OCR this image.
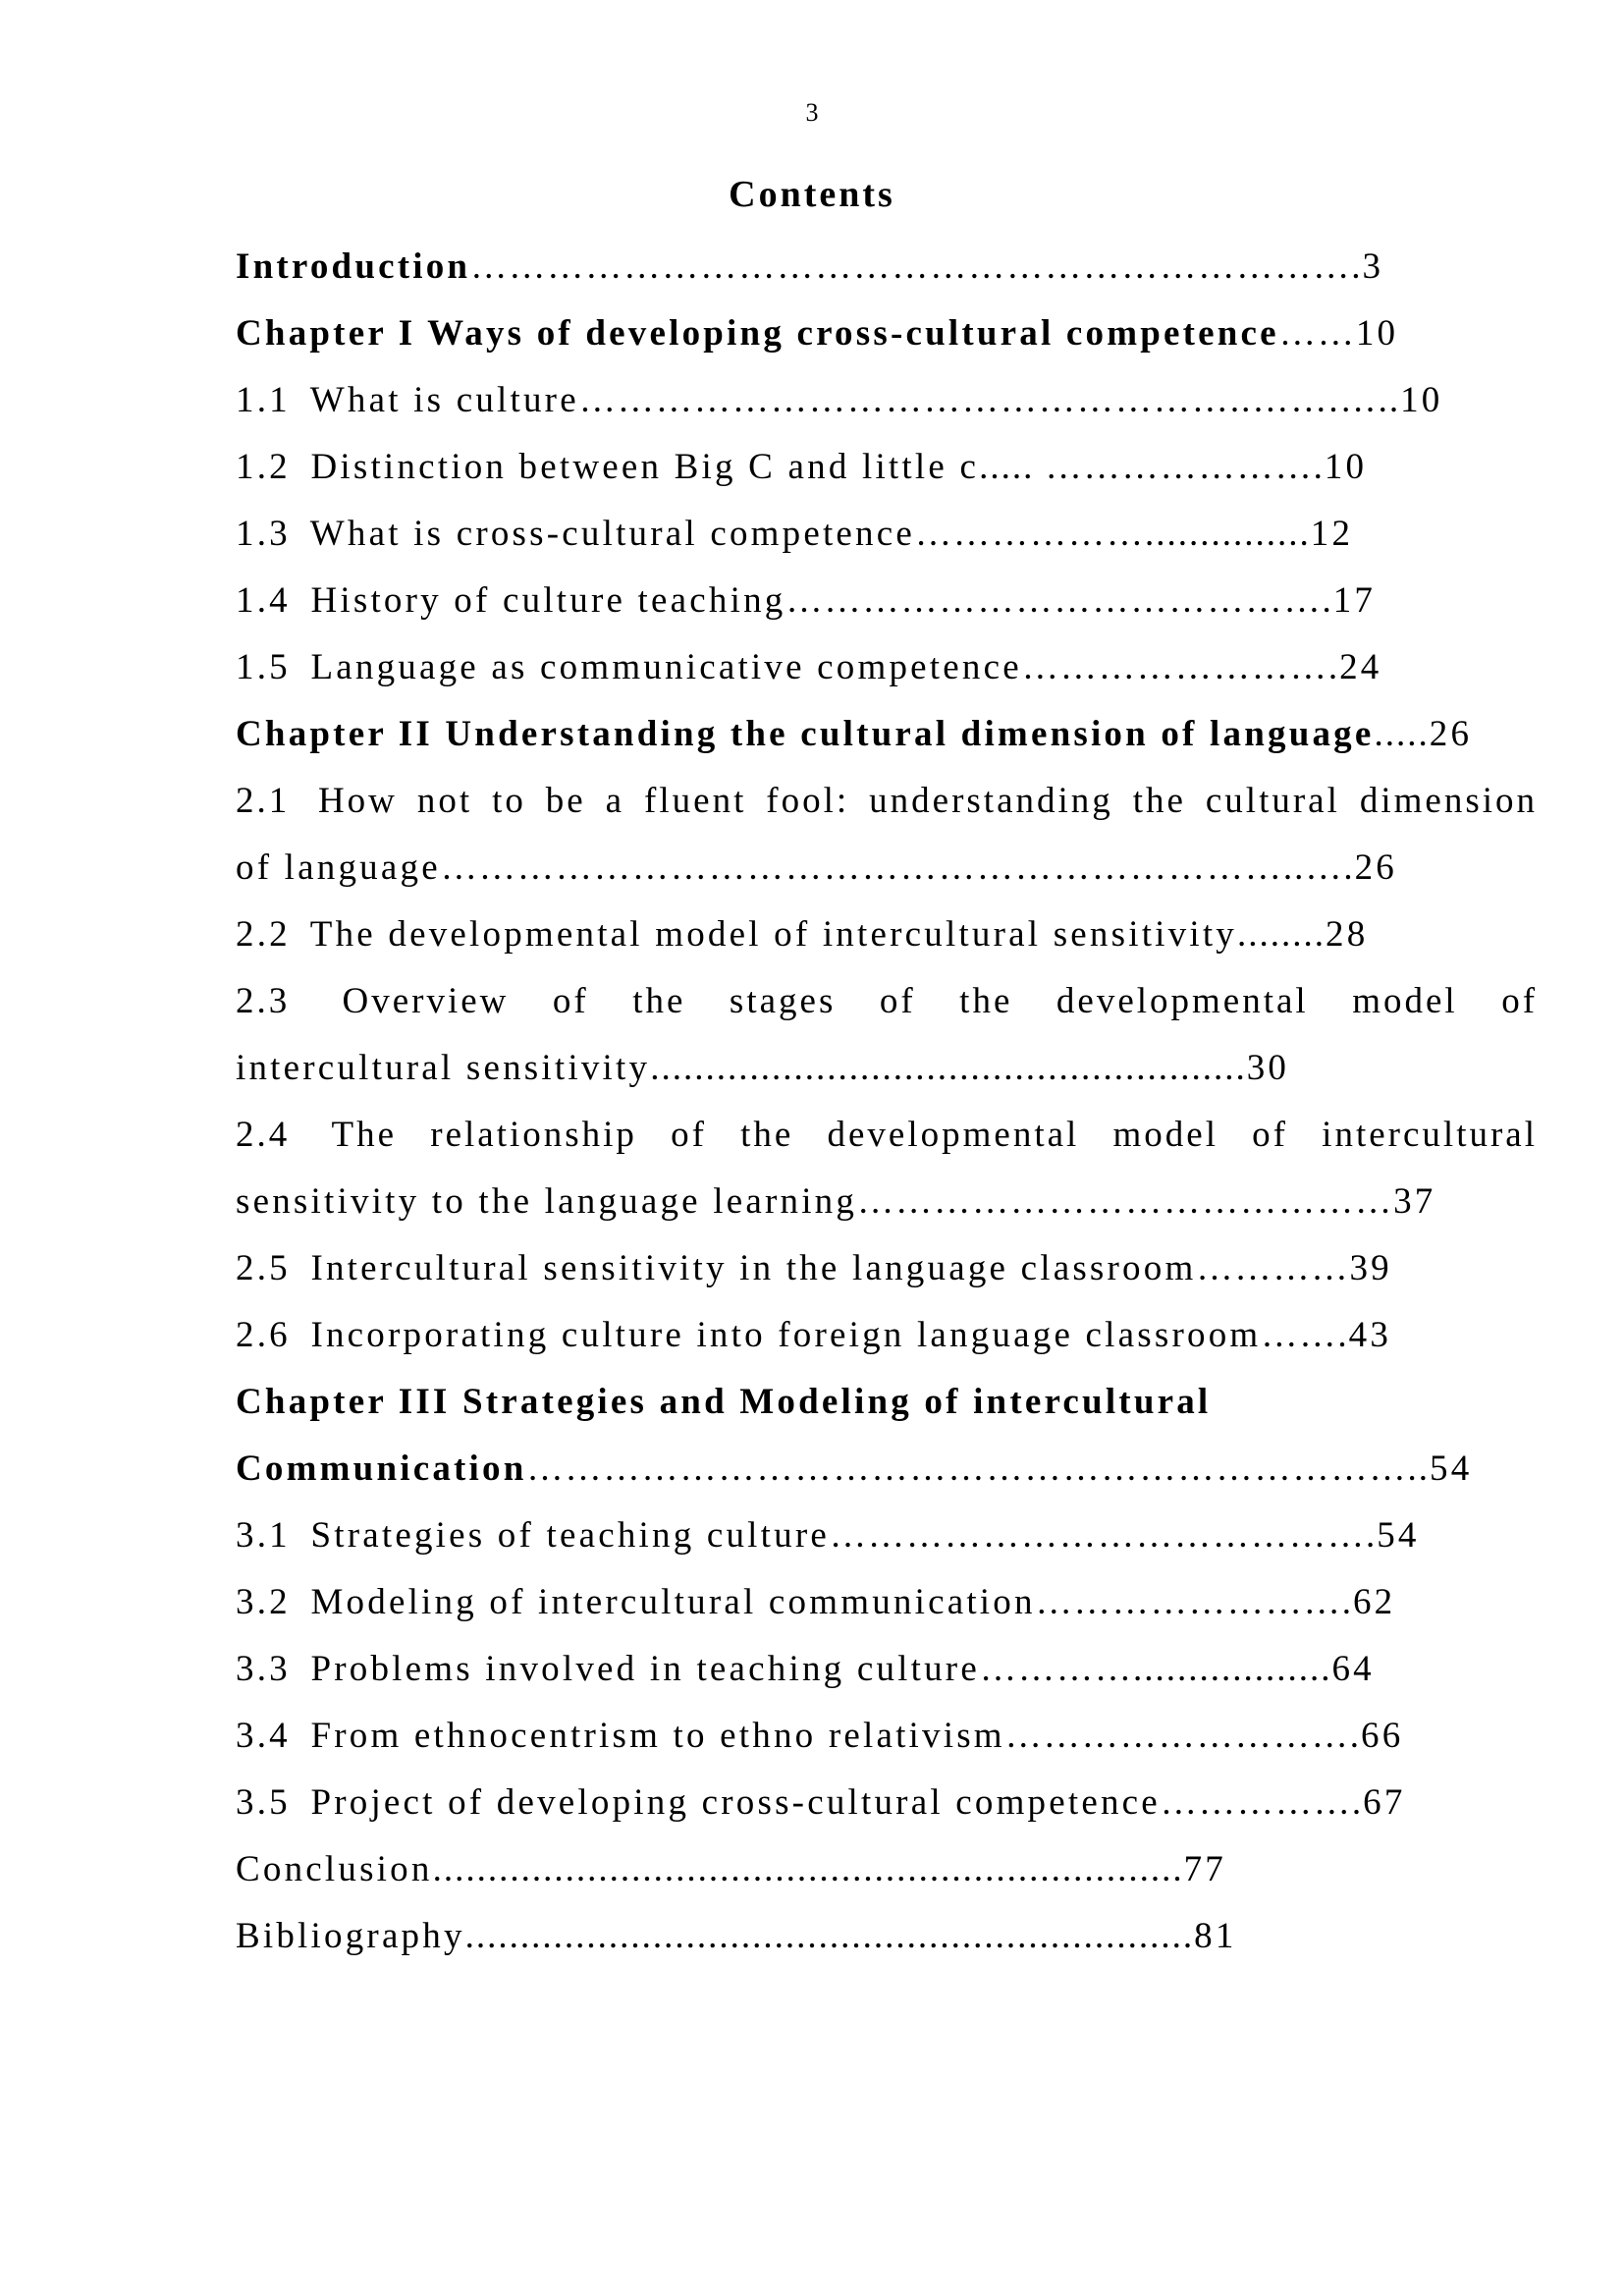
3
Contents
Introduction…………………………………………………………….3
Chapter I Ways of developing cross-cultural competence……10
1.1 What is culture……………………………………………..…….…..10
1.2 Distinction between Big C and little c..... ………………….10
1.3 What is cross-cultural competence………………...............12
1.4 History of culture teaching…………………………………….17
1.5 Language as communicative competence…………………….24
Chapter II Understanding the cultural dimension of language.....26
2.1 How not to be a fluent fool: understanding the cultural dimension
of language…………………………………………………………..….26
2.2 The developmental model of intercultural sensitivity........28
2.3 Overview of the stages of the developmental model of
intercultural sensitivity......................................................30
2.4 The relationship of the developmental model of intercultural
sensitivity to the language learning……………………………………37
2.5 Intercultural sensitivity in the language classroom…………39
2.6 Incorporating culture into foreign language classroom…….43
Chapter III Strategies and Modeling of intercultural
Communication……………………………………………………………..54
3.1 Strategies of teaching culture…………………………………….54
3.2 Modeling of intercultural communication…………………….62
3.3 Problems involved in teaching culture…………..................64
3.4 From ethnocentrism to ethno relativism……………………….66
3.5 Project of developing cross-cultural competence…………….67
Conclusion....................................................................77
Bibliography..................................................................81
